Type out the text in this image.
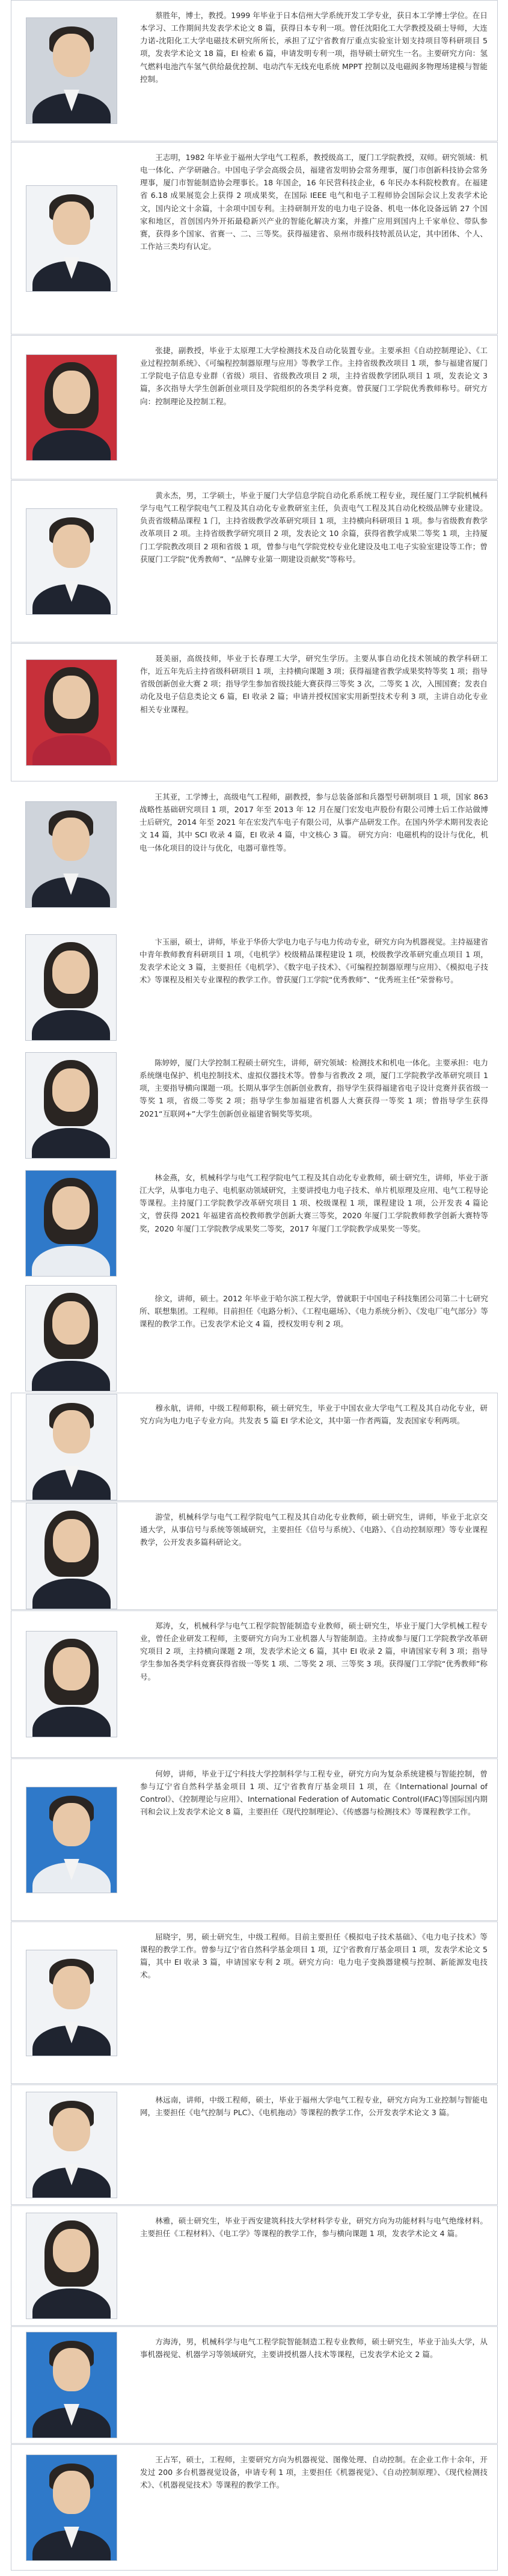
蔡胜年，博士，教授。1999 年毕业于日本信州大学系统开发工学专业，获日本工学博士学位。在日本学习、工作期间共发表学术论文 8 篇，获得日本专利一项。曾任沈阳化工大学教授及硕士导师，大连力诺-沈阳化工大学电磁技术研究所所长，承担了辽宁省教育厅重点实验室计划支持项目等科研项目 5 项，发表学术论文 18 篇，EI 检索 6 篇，申请发明专利一项，指导硕士研究生一名。主要研究方向：氢气燃料电池汽车氢气供给最优控制、电动汽车无线充电系统 MPPT 控制以及电磁阀多物理场建模与智能控制。

王志明，1982 年毕业于福州大学电气工程系，教授级高工，厦门工学院教授，双师。研究领域：机电一体化、产学研融合。中国电子学会高级会员，福建省发明协会常务理事，厦门市创新科技协会常务理事，厦门市智能制造协会理事长。18 年国企，16 年民营科技企业，6 年民办本科院校教育。在福建省 6.18 成果展览会上获得 2 项成果奖，在国际 IEEE 电气和电子工程师协会国际会议上发表学术论文，国内论文十余篇，十余项中国专利。主持研制开发的电力电子设备、机电一体化设备远销 27 个国家和地区，首创国内外开拓最稳新兴产业的智能化解决方案，并推广应用到国内上千家单位、带队参赛，获得多个国家、省赛一、二、三等奖。获得福建省、泉州市级科技特派员认定，其中团体、个人、工作站三类均有认定。

张捷，副教授，毕业于太原理工大学检测技术及自动化装置专业。主要承担《自动控制理论》、《工业过程控制系统》、《可编程控制器原理与应用》等教学工作。主持省级教改项目 1 项，参与福建省厦门工学院电子信息专业群（省级）项目、省级教改项目 2 项，主持省级教学团队项目 1 项，发表论文 3 篇，多次指导大学生创新创业项目及学院组织的各类学科竞赛。曾获厦门工学院优秀教师称号。研究方向：控制理论及控制工程。

黄永杰，男，工学硕士，毕业于厦门大学信息学院自动化系系统工程专业，现任厦门工学院机械科学与电气工程学院电气工程及其自动化专业教研室主任，负责电气工程及其自动化校级品牌专业建设。负责省级精品课程 1 门，主持省级教学改革研究项目 1 项，主持横向科研项目 1 项。参与省级教育教学改革项目 2 项。主持省级教学研究项目 2 项，发表论文 10 余篇，获得省教学成果二等奖 1 项，主持厦门工学院教改项目 2 项和省级 1 项，曾参与电气学院党校专业化建设及电工电子实验室建设等工作；曾获厦门工学院“优秀教师”、“品牌专业第一期建设贡献奖”等称号。

聂美丽，高级技师，毕业于长春理工大学，研究生学历。主要从事自动化技术领域的教学科研工作，近五年先后主持省级科研项目 1 项，主持横向课题 3 项；获得福建省教学成果奖特等奖 1 项；指导省级创新创业大赛 2 项；指导学生参加省级技能大赛获得三等奖 3 次，二等奖 1 次，入围国赛；发表自动化及电子信息类论文 6 篇，EI 收录 2 篇；申请并授权国家实用新型技术专利 3 项，主讲自动化专业相关专业课程。

王其亚，工学博士，高级电气工程师，副教授，参与总装备部和兵器型号研制项目 1 项，国家 863 战略性基础研究项目 1 项，2017 年至 2013 年 12 月在厦门宏发电声股份有限公司博士后工作站做博士后研究，2014 年至 2021 年在宏发汽车电子有限公司，从事产品研发工作。在国内外学术期刊发表论文 14 篇，其中 SCI 收录 4 篇，EI 收录 4 篇，中文核心 3 篇。 研究方向：电磁机构的设计与优化，机电一体化项目的设计与优化，电器可靠性等。

卞玉丽，硕士，讲师，毕业于华侨大学电力电子与电力传动专业，研究方向为机器视觉。主持福建省中青年教师教育科研项目 1 项，《电机学》校级精品课程建设 1 项，校级教学改革研究重点项目 1 项，发表学术论文 3 篇，主要担任《电机学》、《数字电子技术》、《可编程控制器原理与应用》、《模拟电子技术》等课程及相关专业课程的教学工作。曾获厦门工学院“优秀教师”、“优秀班主任”荣誉称号。

陈婷婷，厦门大学控制工程硕士研究生，讲师，研究领域：检测技术和机电一体化。主要承担：电力系统继电保护、机电控制技术、虚拟仪器技术等。曾参与省教改 2 项，厦门工学院教学改革研究项目 1 项，主要指导横向课题一项。长期从事学生创新创业教育，指导学生获得福建省电子设计竞赛并获省级一等奖 1 项，省级二等奖 2 项；指导学生参加福建省机器人大赛获得一等奖 1 项；曾指导学生获得 2021“互联网+”大学生创新创业福建省铜奖等奖项。

林金燕，女，机械科学与电气工程学院电气工程及其自动化专业教师，硕士研究生，讲师，毕业于浙江大学，从事电力电子、电机驱动领域研究，主要讲授电力电子技术、单片机原理及应用、电气工程导论等课程。主持厦门工学院教学改革研究项目 1 项、校级课程 1 项，课程建设 1 项，公开发表 4 篇论文，曾获得 2021 年福建省高校教师教学创新大赛三等奖，2020 年厦门工学院教师教学创新大赛特等奖，2020 年厦门工学院教学成果奖二等奖，2017 年厦门工学院教学成果奖一等奖。

徐文，讲师，硕士。2012 年毕业于哈尔滨工程大学，曾就职于中国电子科技集团公司第二十七研究所、联想集团。工程师。目前担任《电路分析》、《工程电磁场》、《电力系统分析》、《发电厂电气部分》等课程的教学工作。已发表学术论文 4 篇，授权发明专利 2 项。

穆永航，讲师，中级工程师职称，硕士研究生，毕业于中国农业大学电气工程及其自动化专业，研究方向为电力电子专业方向。共发表 5 篇 EI 学术论文，其中第一作者两篇，发表国家专利两项。

游莹，机械科学与电气工程学院电气工程及其自动化专业教师，硕士研究生，讲师，毕业于北京交通大学，从事信号与系统等领域研究，主要担任《信号与系统》、《电路》、《自动控制原理》等专业课程教学，公开发表多篇科研论文。

郑涛，女，机械科学与电气工程学院智能制造专业教师，硕士研究生，毕业于厦门大学机械工程专业，曾任企业研发工程师，主要研究方向为工业机器人与智能制造。主持或参与厦门工学院教学改革研究项目 2 项，主持横向课题 2 项，发表学术论文 6 篇，其中 EI 收录 2 篇，申请国家专利 3 项；指导学生参加各类学科竞赛获得省级一等奖 1 项、二等奖 2 项、三等奖 3 项。获得厦门工学院“优秀教师”称号。

何婷，讲师，毕业于辽宁科技大学控制科学与工程专业，研究方向为复杂系统建模与智能控制，曾参与辽宁省自然科学基金项目 1 项、辽宁省教育厅基金项目 1 项，在《International Journal of Control》、《控制理论与应用》、International Federation of Automatic Control(IFAC)等国际国内期刊和会议上发表学术论文 8 篇，主要担任《现代控制理论》、《传感器与检测技术》等课程教学工作。

屈晓宇，男，硕士研究生，中级工程师。目前主要担任《模拟电子技术基础》、《电力电子技术》等课程的教学工作。曾参与辽宁省自然科学基金项目 1 项，辽宁省教育厅基金项目 1 项，发表学术论文 5 篇，其中 EI 收录 3 篇，申请国家专利 2 项。研究方向：电力电子变换器建模与控制、新能源发电技术。

林远南，讲师，中级工程师，硕士，毕业于福州大学电气工程专业，研究方向为工业控制与智能电网，主要担任《电气控制与 PLC》、《电机拖动》等课程的教学工作，公开发表学术论文 3 篇。

林雅，硕士研究生，毕业于西安建筑科技大学材料学专业，研究方向为功能材料与电气绝缘材料。主要担任《工程材料》、《电工学》等课程的教学工作，参与横向课题 1 项，发表学术论文 4 篇。

方海涛，男，机械科学与电气工程学院智能制造工程专业教师，硕士研究生，毕业于汕头大学，从事机器视觉、机器学习等领域研究，主要讲授机器人技术等课程，已发表学术论文 2 篇。

王占军，硕士，工程师，主要研究方向为机器视觉、图像处理、自动控制。在企业工作十余年，开发过 200 多台机器视觉设备，申请专利 1 项，主要担任《机器视觉》、《自动控制原理》、《现代检测技术》、《机器视觉技术》等课程的教学工作。
